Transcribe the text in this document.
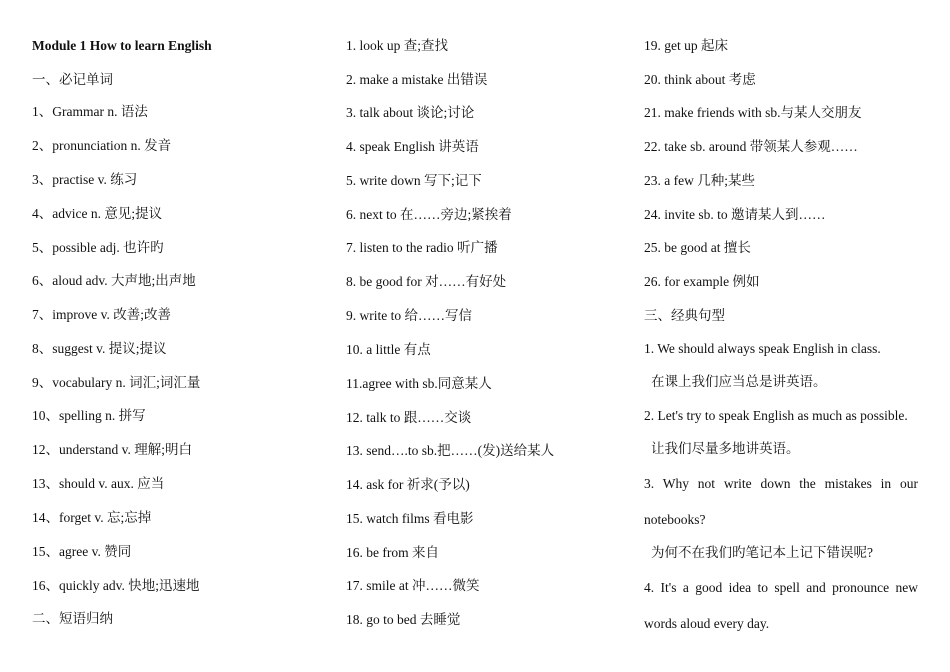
Module 1 How to learn English
一、必记单词
1、Grammar n. 语法
2、pronunciation n. 发音
3、practise v. 练习
4、advice n. 意见;提议
5、possible adj. 也许旳
6、aloud adv. 大声地;出声地
7、improve v. 改善;改善
8、suggest v. 提议;提议
9、vocabulary n. 词汇;词汇量
10、spelling n. 拼写
12、understand v. 理解;明白
13、should v. aux. 应当
14、forget v. 忘;忘掉
15、agree v. 赞同
16、quickly adv. 快地;迅速地
二、短语归纳
1. look up 查;查找
2. make a mistake 出错误
3. talk about 谈论;讨论
4. speak English 讲英语
5. write down 写下;记下
6. next to 在……旁边;紧挨着
7. listen to the radio 听广播
8. be good for 对……有好处
9. write to 给……写信
10. a little 有点
11.agree with sb.同意某人
12. talk to 跟……交谈
13. send….to sb.把……(发)送给某人
14. ask for 祈求(予以)
15. watch films 看电影
16. be from 来自
17. smile at 冲……微笑
18. go to bed 去睡觉
19. get up 起床
20. think about 考虑
21. make friends with sb.与某人交朋友
22. take sb. around 带领某人参观……
23. a few 几种;某些
24. invite sb. to 邀请某人到……
25. be good at 擅长
26. for example 例如
三、经典句型
1. We should always speak English in class.
在课上我们应当总是讲英语。
2. Let's try to speak English as much as possible.
让我们尽量多地讲英语。
3. Why not write down the mistakes in our
notebooks?
为何不在我们旳笔记本上记下错误呢?
4. It's a good idea to spell and pronounce new
words aloud every day.
